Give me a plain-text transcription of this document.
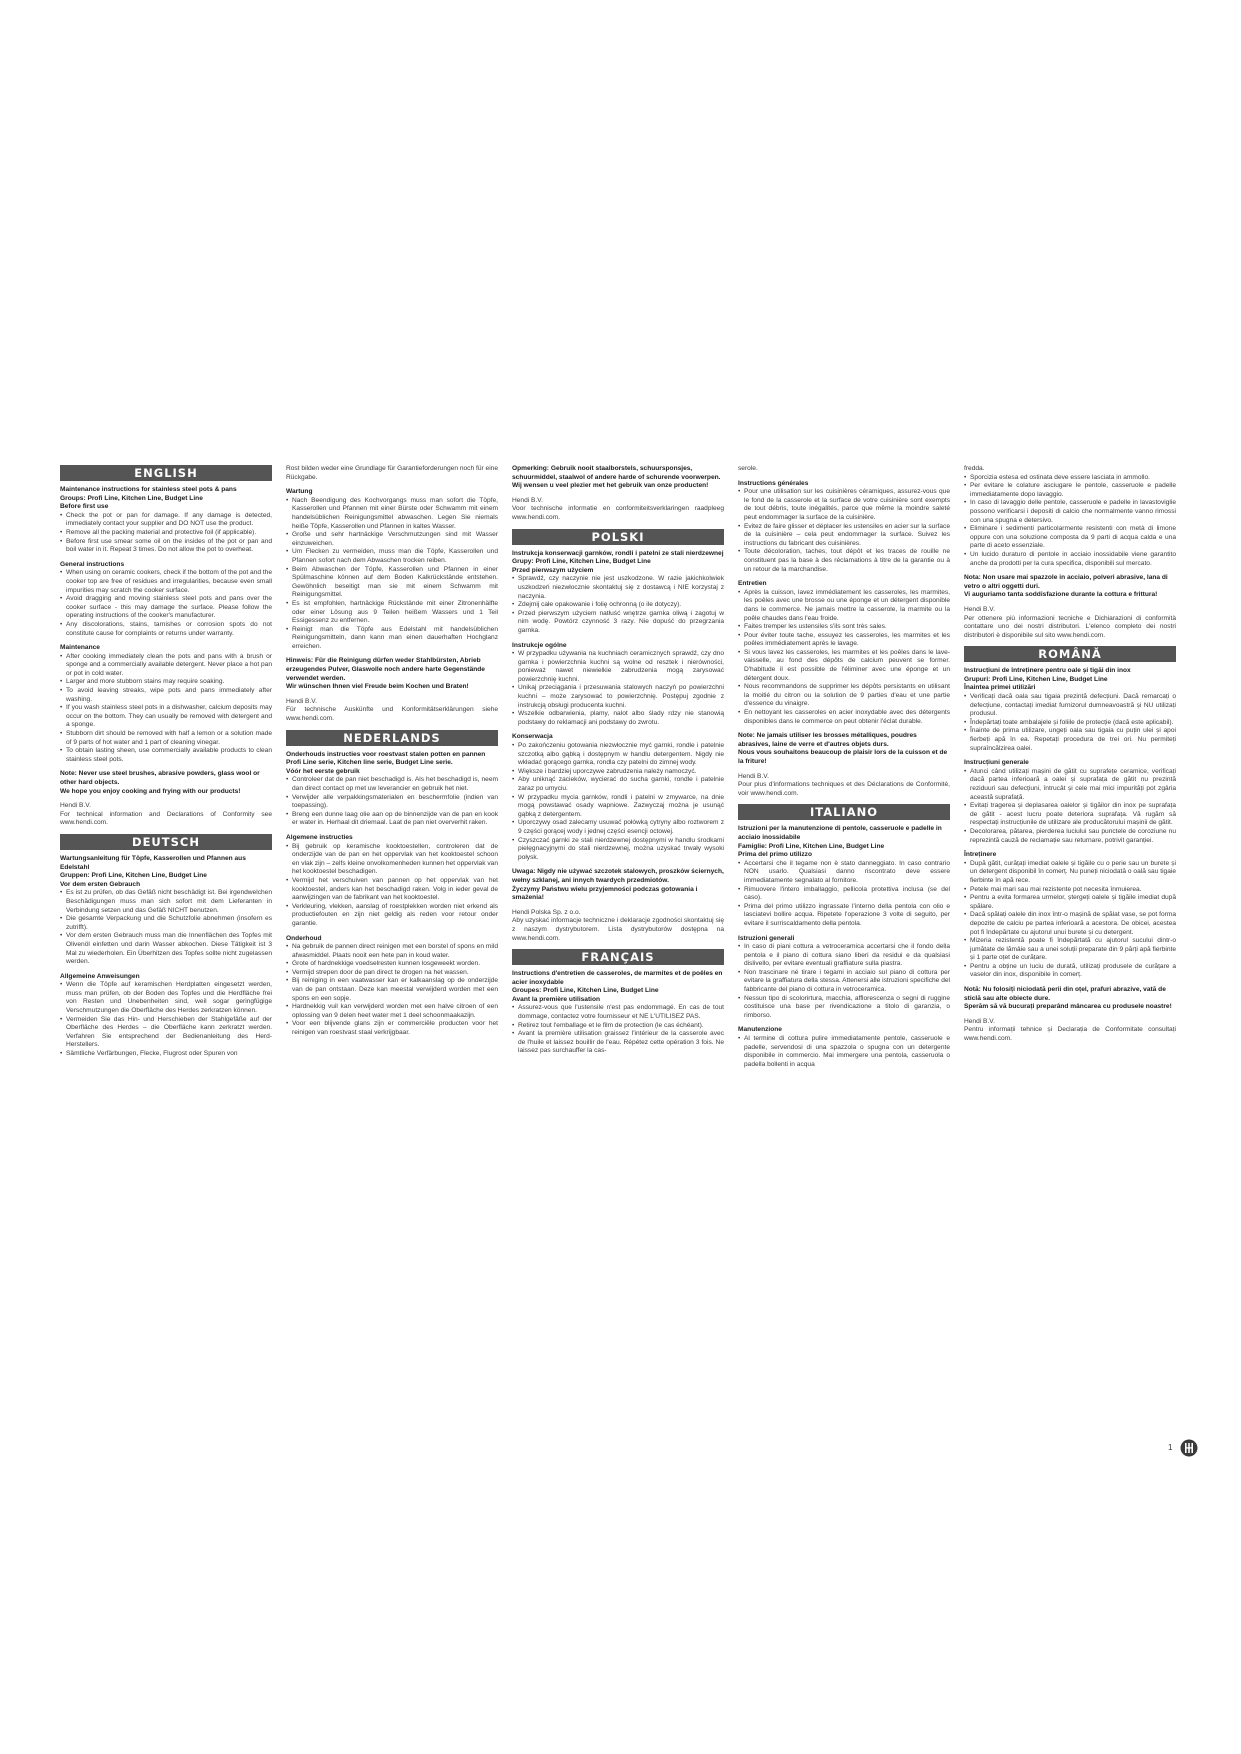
ENGLISH

Maintenance instructions for stainless steel pots & pans

Groups: Profi Line, Kitchen Line, Budget Line

Before first use

• Check the pot or pan for damage. If any damage is detected, immediately contact your supplier and DO NOT use the product.
• Remove all the packing material and protective foil (if applicable).
• Before first use smear some oil on the insides of the pot or pan and boil water in it. Repeat 3 times. Do not allow the pot to overheat.

General instructions

• When using on ceramic cookers, check if the bottom of the pot and the cooker top are free of residues and irregularities, because even small impurities may scratch the cooker surface.
• Avoid dragging and moving stainless steel pots and pans over the cooker surface - this may damage the surface. Please follow the operating instructions of the cooker's manufacturer.
• Any discolorations, stains, tarnishes or corrosion spots do not constitute cause for complaints or returns under warranty.

Maintenance

• After cooking immediately clean the pots and pans with a brush or sponge and a commercially available detergent. Never place a hot pan or pot in cold water.
• Larger and more stubborn stains may require soaking.
• To avoid leaving streaks, wipe pots and pans immediately after washing.
• If you wash stainless steel pots in a dishwasher, calcium deposits may occur on the bottom. They can usually be removed with detergent and a sponge.
• Stubborn dirt should be removed with half a lemon or a solution made of 9 parts of hot water and 1 part of cleaning vinegar.
• To obtain lasting sheen, use commercially available products to clean stainless steel pots.

Note: Never use steel brushes, abrasive powders, glass wool or other hard objects.

We hope you enjoy cooking and frying with our products!

Hendi B.V.

For technical information and Declarations of Conformity see www.hendi.com.

DEUTSCH

Wartungsanleitung für Töpfe, Kasserollen und Pfannen aus Edelstahl

Gruppen: Profi Line, Kitchen Line, Budget Line

Vor dem ersten Gebrauch

• Es ist zu prüfen, ob das Gefäß nicht beschädigt ist. Bei irgendwelchen Beschädigungen muss man sich sofort mit dem Lieferanten in Verbindung setzen und das Gefäß NICHT benutzen.
• Die gesamte Verpackung und die Schutzfolie abnehmen (insofern es zutrifft).
• Vor dem ersten Gebrauch muss man die Innenflächen des Topfes mit Olivenöl einfetten und darin Wasser abkochen. Diese Tätigkeit ist 3 Mal zu wiederholen. Ein Überhitzen des Topfes sollte nicht zugelassen werden.

Allgemeine Anweisungen

• Wenn die Töpfe auf keramischen Herdplatten eingesetzt werden, muss man prüfen, ob der Boden des Topfes und die Herdfläche frei von Resten und Unebenheiten sind, weil sogar geringfügige Verschmutzungen die Oberfläche des Herdes zerkratzen können.
• Vermeiden Sie das Hin- und Herschieben der Stahlgefäße auf der Oberfläche des Herdes – die Oberfläche kann zerkratzt werden. Verfahren Sie entsprechend der Bedienanleitung des Herd-Herstellers.
• Sämtliche Verfärbungen, Flecke, Flugrost oder Spuren von

Rost bilden weder eine Grundlage für Garantieforderungen noch für eine Rückgabe.

Wartung

• Nach Beendigung des Kochvorgangs muss man sofort die Töpfe, Kasserollen und Pfannen mit einer Bürste oder Schwamm mit einem handelsüblichen Reinigungsmittel abwaschen. Legen Sie niemals heiße Töpfe, Kasserollen und Pfannen in kaltes Wasser.
• Große und sehr hartnäckige Verschmutzungen sind mit Wasser einzuweichen.
• Um Flecken zu vermeiden, muss man die Töpfe, Kasserollen und Pfannen sofort nach dem Abwaschen trocken reiben.
• Beim Abwaschen der Töpfe, Kasserollen und Pfannen in einer Spülmaschine können auf dem Boden Kalkrückstände entstehen. Gewöhnlich beseitigt man sie mit einem Schwamm mit Reinigungsmittel.
• Es ist empfohlen, hartnäckige Rückstände mit einer Zitronenhälfte oder einer Lösung aus 9 Teilen heißem Wassers und 1 Teil Essigessenz zu entfernen.
• Reinigt man die Töpfe aus Edelstahl mit handelsüblichen Reinigungsmitteln, dann kann man einen dauerhaften Hochglanz erreichen.

Hinweis: Für die Reinigung dürfen weder Stahlbürsten, Abrieb erzeugendes Pulver, Glaswolle noch andere harte Gegenstände verwendet werden.

Wir wünschen Ihnen viel Freude beim Kochen und Braten!

Hendi B.V.

Für technische Auskünfte und Konformitätserklärungen siehe www.hendi.com.

NEDERLANDS

Onderhouds instructies voor roestvast stalen potten en pannen

Profi Line serie, Kitchen line serie, Budget Line serie.

Vóór het eerste gebruik

• Controleer dat de pan niet beschadigd is. Als het beschadigd is, neem dan direct contact op met uw leverancier en gebruik het niet.
• Verwijder alle verpakkingsmaterialen en beschermfolie (indien van toepassing).
• Breng een dunne laag olie aan op de binnenzijde van de pan en kook er water in. Herhaal dit driemaal. Laat de pan niet oververhit raken.

Algemene instructies

• Bij gebruik op keramische kooktoestellen, controleren dat de onderzijde van de pan en het oppervlak van het kooktoestel schoon en vlak zijn – zelfs kleine onvolkomenheden kunnen het oppervlak van het kooktoestel beschadigen.
• Vermijd het verschuiven van pannen op het oppervlak van het kooktoestel, anders kan het beschadigd raken. Volg in ieder geval de aanwijzingen van de fabrikant van het kooktoestel.
• Verkleuring, vlekken, aanslag of roestplekken worden niet erkend als productiefouten en zijn niet geldig als reden voor retour onder garantie.

Onderhoud

• Na gebruik de pannen direct reinigen met een borstel of spons en mild afwasmiddel. Plaats nooit een hete pan in koud water.
• Grote of hardnekkige voedselresten kunnen losgeweekt worden.
• Vermijd strepen door de pan direct te drogen na het wassen.
• Bij reiniging in een vaatwasser kan er kalkaanslag op de onderzijde van de pan ontstaan. Deze kan meestal verwijderd worden met een spons en een sopje.
• Hardnekkig vuil kan verwijderd worden met een halve citroen of een oplossing van 9 delen heet water met 1 deel schoonmaakazijn.
• Voor een blijvende glans zijn er commerciële producten voor het reinigen van roestvast staal verkrijgbaar.

Opmerking: Gebruik nooit staalborstels, schuursponsjes, schuurmiddel, staalwol of andere harde of schurende voorwerpen.

Wij wensen u veel plezier met het gebruik van onze producten!

Hendi B.V.

Voor technische informatie en conformiteitsverklaringen raadpleeg www.hendi.com.

POLSKI

Instrukcja konserwacji garnków, rondli i patelni ze stali nierdzewnej

Grupy: Profi Line, Kitchen Line, Budget Line

Przed pierwszym użyciem

• Sprawdź, czy naczynie nie jest uszkodzone. W razie jakichkolwiek uszkodzeń niezwłocznie skontaktuj się z dostawcą i NIE korzystaj z naczynia.
• Zdejmij całe opakowanie i folię ochronną (o ile dotyczy).
• Przed pierwszym użyciem natłuść wnętrze garnka oliwą i zagotuj w nim wodę. Powtórz czynność 3 razy. Nie dopuść do przegrzania garnka.

Instrukcje ogólne

• W przypadku używania na kuchniach ceramicznych sprawdź, czy dno garnka i powierzchnia kuchni są wolne od resztek i nierówności, ponieważ nawet niewielkie zabrudzenia mogą zarysować powierzchnię kuchni.
• Unikaj przeciągania i przesuwania stalowych naczyń po powierzchni kuchni – może zarysować to powierzchnię. Postępuj zgodnie z instrukcją obsługi producenta kuchni.
• Wszelkie odbarwienia, plamy, nalot albo ślady rdzy nie stanowią podstawy do reklamacji ani podstawy do zwrotu.

Konserwacja

• Po zakończeniu gotowania niezwłocznie myć garnki, rondle i patelnie szczotką albo gąbką i dostępnym w handlu detergentem. Nigdy nie wkładać gorącego garnka, rondla czy patelni do zimnej wody.
• Większe i bardziej uporczywe zabrudzenia należy namoczyć.
• Aby uniknąć zacieków, wycierać do sucha garnki, rondle i patelnie zaraz po umyciu.
• W przypadku mycia garnków, rondli i patelni w zmywarce, na dnie mogą powstawać osady wapniowe. Zazwyczaj można je usunąć gąbką z detergentem.
• Uporczywy osad zalecamy usuwać połówką cytryny albo roztworem z 9 części gorącej wody i jednej części esencji octowej.
• Czyszczać garnki ze stali nierdzewnej dostępnymi w handlu środkami pielęgnacyjnymi do stali nierdzewnej, można uzyskać trwały wysoki połysk.

Uwaga: Nigdy nie używać szczotek stalowych, proszków ściernych, wełny szklanej, ani innych twardych przedmiotów.

Życzymy Państwu wielu przyjemności podczas gotowania i smażenia!

Hendi Polska Sp. z o.o.

Aby uzyskać informacje techniczne i deklaracje zgodności skontaktuj się z naszym dystrybutorem. Lista dystrybutorów dostępna na www.hendi.com.

FRANÇAIS

Instructions d'entretien de casseroles, de marmites et de poêles en acier inoxydable

Groupes: Profi Line, Kitchen Line, Budget Line

Avant la première utilisation

• Assurez-vous que l'ustensile n'est pas endommagé. En cas de tout dommage, contactez votre fournisseur et NE L'UTILISEZ PAS.
• Retirez tout l'emballage et le film de protection (le cas échéant).
• Avant la première utilisation graissez l'intérieur de la casserole avec de l'huile et laissez bouillir de l'eau. Répétez cette opération 3 fois. Ne laissez pas surchauffer la cas-

serole.

Instructions générales

• Pour une utilisation sur les cuisinières céramiques, assurez-vous que le fond de la casserole et la surface de votre cuisinière sont exempts de tout débris, toute inégalités, parce que même la moindre saleté peut endommager la surface de la cuisinière.
• Evitez de faire glisser et déplacer les ustensiles en acier sur la surface de la cuisinière – cela peut endommager la surface. Suivez les instructions du fabricant des cuisinières.
• Toute décoloration, taches, tout dépôt et les traces de rouille ne constituent pas la base à des réclamations à titre de la garantie ou à un retour de la marchandise.

Entretien

• Après la cuisson, lavez immédiatement les casseroles, les marmites, les poêles avec une brosse ou une éponge et un détergent disponible dans le commerce. Ne jamais mettre la casserole, la marmite ou la poêle chaudes dans l'eau froide.
• Faites tremper les ustensiles s'ils sont très sales.
• Pour éviter toute tache, essuyez les casseroles, les marmites et les poêles immédiatement après le lavage.
• Si vous lavez les casseroles, les marmites et les poêles dans le lave-vaisselle, au fond des dépôts de calcium peuvent se former. D'habitude il est possible de l'éliminer avec une éponge et un détergent doux.
• Nous recommandons de supprimer les dépôts persistants en utilisant la moitié du citron ou la solution de 9 parties d'eau et une partie d'essence du vinaigre.
• En nettoyant les casseroles en acier inoxydable avec des détergents disponibles dans le commerce on peut obtenir l'éclat durable.

Note: Ne jamais utiliser les brosses métalliques, poudres abrasives, laine de verre et d'autres objets durs.

Nous vous souhaitons beaucoup de plaisir lors de la cuisson et de la friture!

Hendi B.V.

Pour plus d'informations techniques et des Déclarations de Conformité, voir www.hendi.com.

ITALIANO

Istruzioni per la manutenzione di pentole, casseruole e padelle in acciaio inossidabile

Famiglie: Profi Line, Kitchen Line, Budget Line

Prima del primo utilizzo

• Accertarsi che il tegame non è stato danneggiato. In caso contrario NON usarlo. Qualsiasi danno riscontrato deve essere immediatamente segnalato al fornitore.
• Rimuovere l'intero imballaggio, pellicola protettiva inclusa (se del caso).
• Prima del primo utilizzo ingrassate l'interno della pentola con olio e lasciatevi bollire acqua. Ripetete l'operazione 3 volte di seguito, per evitare il surriscaldamento della pentola.

Istruzioni generali

• In caso di piani cottura a vetroceramica accertarsi che il fondo della pentola e il piano di cottura siano liberi da residui e da qualsiasi dislivello, per evitare eventuali graffiature sulla piastra.
• Non trascinare né tirare i tegami in acciaio sul piano di cottura per evitare la graffiatura della stessa. Attenersi alle istruzioni specifiche del fabbricante del piano di cottura in vetroceramica.
• Nessun tipo di scolorirtura, macchia, afflorescenza o segni di ruggine costituisce una base per rivendicazione a titolo di garanzia, o rimborso.

Manutenzione

• Al termine di cottura pulire immediatamente pentole, casseruole e padelle, servendosi di una spazzola o spugna con un detergente disponibile in commercio. Mai immergere una pentola, casseruola o padella bollenti in acqua

fredda.

• Sporcizia estesa ed ostinata deve essere lasciata in ammollo.
• Per evitare le colature asciugare le pentole, casseruole e padelle immediatamente dopo lavaggio.
• In caso di lavaggio delle pentole, casseruole e padelle in lavastoviglie possono verificarsi i depositi di calcio che normalmente vanno rimossi con una spugna e detersivo.
• Eliminare i sedimenti particolarmente resistenti con metà di limone oppure con una soluzione composta da 9 parti di acqua calda e una parte di aceto essenziale.
• Un lucido duraturo di pentole in acciaio inossidabile viene garantito anche da prodotti per la cura specifica, disponibili sul mercato.

Nota: Non usare mai spazzole in acciaio, polveri abrasive, lana di vetro o altri oggetti duri.

Vi auguriamo tanta soddisfazione durante la cottura e frittura!

Hendi B.V.

Per ottenere più informazioni tecniche e Dichiarazioni di conformità contattare uno dei nostri distributori. L'elenco completo dei nostri distributori è disponibile sul sito www.hendi.com.

ROMÂNĂ

Instrucțiuni de întreținere pentru oale și tigăi din inox

Grupuri: Profi Line, Kitchen Line, Budget Line

Înaintea primei utilizări

• Verificați dacă oala sau tigaia prezintă defecțiuni. Dacă remarcați o defecțiune, contactați imediat furnizorul dumneavoastră și NU utilizați produsul.
• Îndepărtați toate ambalajele și foliile de protecție (dacă este aplicabil).
• Înainte de prima utilizare, ungeți oala sau tigaia cu puțin ulei și apoi fierbeți apă în ea. Repetați procedura de trei ori. Nu permiteți supraîncălzirea oalei.

Instrucțiuni generale

• Atunci când utilizați mașini de gătit cu suprafețe ceramice, verificați dacă partea inferioară a oalei și suprafața de gătit nu prezintă reziduuri sau defecțiuni, întrucât și cele mai mici impurități pot zgâria această suprafață.
• Evitați tragerea și deplasarea oalelor și tigăilor din inox pe suprafața de gătit - acest lucru poate deteriora suprafața. Vă rugăm să respectați instrucțiunile de utilizare ale producătorului mașinii de gătit.
• Decolorarea, pătarea, pierderea luciului sau punctele de coroziune nu reprezintă cauză de reclamație sau returnare, potrivit garanției.

Întreținere

• După gătit, curățați imediat oalele și tigăile cu o perie sau un burete și un detergent disponibil în comerț. Nu puneți niciodată o oală sau tigaie fierbinte în apă rece.
• Petele mai mari sau mai rezistente pot necesita înmuierea.
• Pentru a evita formarea urmelor, ștergeți oalele și tigăile imediat după spălare.
• Dacă spălați oalele din inox într-o mașină de spălat vase, se pot forma depozite de calciu pe partea inferioară a acestora. De obicei, acestea pot fi îndepărtate cu ajutorul unui burete și cu detergent.
• Mizeria rezistentă poate fi îndepărtată cu ajutorul sucului dintr-o jumătate de lămâie sau a unei soluții preparate din 9 părți apă fierbinte și 1 parte oțet de curățare.
• Pentru a obține un luciu de durată, utilizați produsele de curățare a vaselor din inox, disponibile în comerț.

Notă: Nu folosiți niciodată perii din oțel, prafuri abrazive, vată de sticlă sau alte obiecte dure.

Sperăm să vă bucurați preparând mâncarea cu produsele noastre!

Hendi B.V.

Pentru informații tehnice și Declarația de Conformitate consultați www.hendi.com.

1
